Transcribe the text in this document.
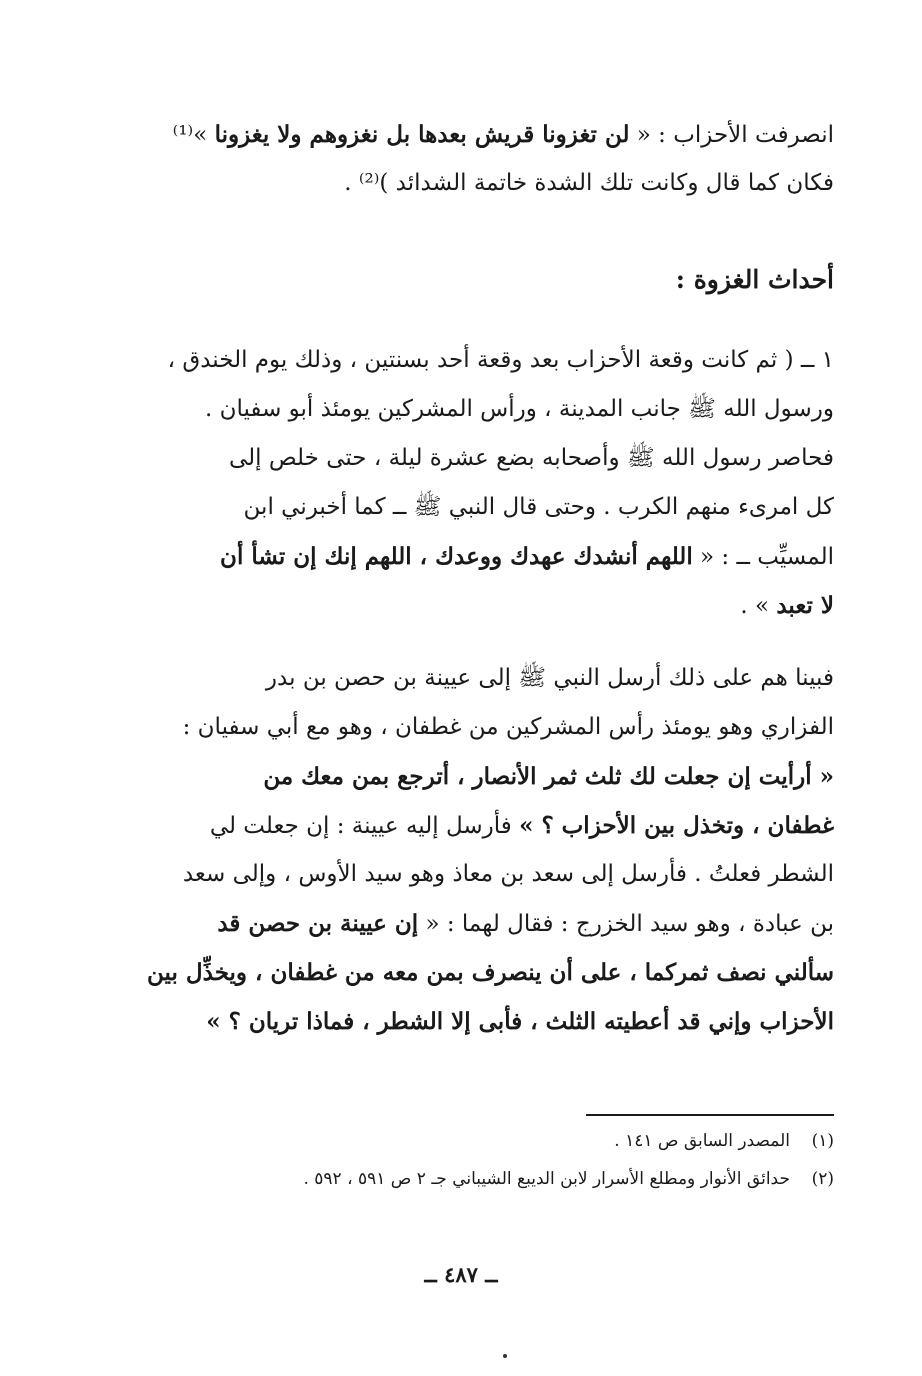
انصرفت الأحزاب : « لن تغزونا قريش بعدها بل نغزوهم ولا يغزونا »⁽¹⁾
فكان كما قال وكانت تلك الشدة خاتمة الشدائد )⁽²⁾ .
أحداث الغزوة :
١ ــ ( ثم كانت وقعة الأحزاب بعد وقعة أحد بسنتين ، وذلك يوم الخندق ،
ورسول الله ﷺ جانب المدينة ، ورأس المشركين يومئذ أبو سفيان .
فحاصر رسول الله ﷺ وأصحابه بضع عشرة ليلة ، حتى خلص إلى
كل امرىء منهم الكرب . وحتى قال النبي ﷺ ــ كما أخبرني ابن
المسيِّب ــ : « اللهم أنشدك عهدك ووعدك ، اللهم إنك إن تشأ أن
لا تعبد » .
فبينا هم على ذلك أرسل النبي ﷺ إلى عيينة بن حصن بن بدر
الفزاري وهو يومئذ رأس المشركين من غطفان ، وهو مع أبي سفيان :
« أرأيت إن جعلت لك ثلث ثمر الأنصار ، أترجع بمن معك من
غطفان ، وتخذل بين الأحزاب ؟ » فأرسل إليه عيينة : إن جعلت لي
الشطر فعلتُ . فأرسل إلى سعد بن معاذ وهو سيد الأوس ، وإلى سعد
بن عبادة ، وهو سيد الخزرج : فقال لهما : « إن عيينة بن حصن قد
سألني نصف ثمركما ، على أن ينصرف بمن معه من غطفان ، ويخذِّل بين
الأحزاب وإني قد أعطيته الثلث ، فأبى إلا الشطر ، فماذا تريان ؟ »
(١)المصدر السابق ص ١٤١ .
(٢)حدائق الأنوار ومطلع الأسرار لابن الديبع الشيباني جـ ٢ ص ٥٩١ ، ٥٩٢ .
ــ ٤٨٧ ــ
